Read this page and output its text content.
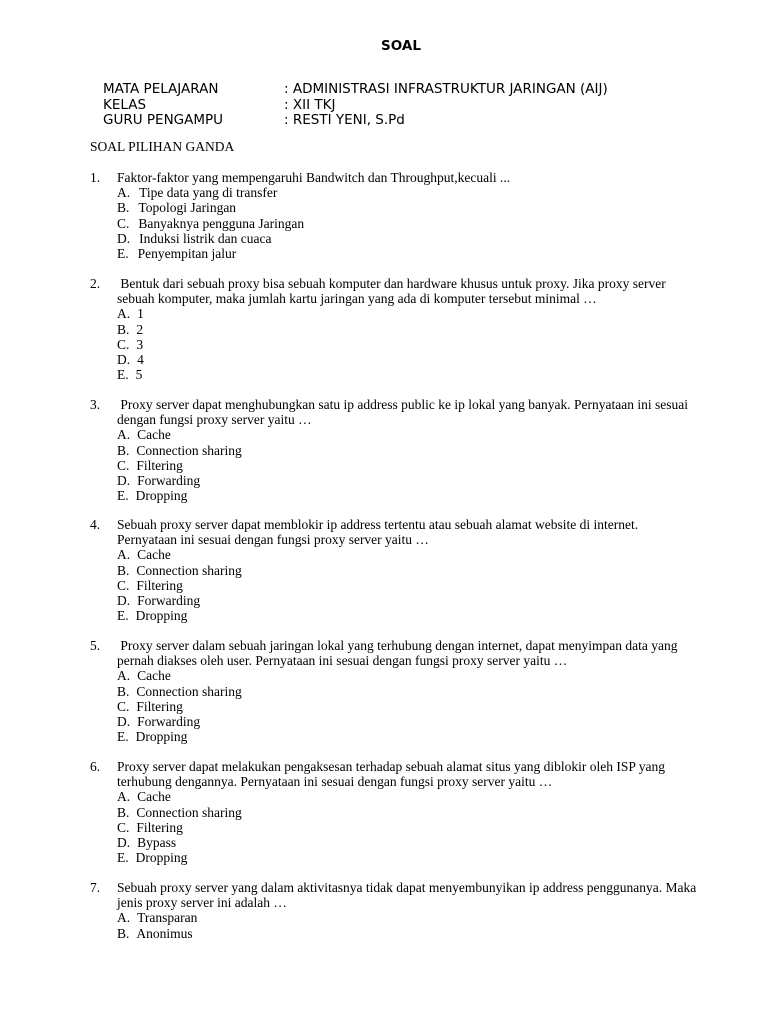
SOAL
MATA PELAJARAN	: ADMINISTRASI INFRASTRUKTUR JARINGAN (AIJ)
KELAS	: XII TKJ
GURU PENGAMPU	: RESTI YENI, S.Pd
SOAL PILIHAN GANDA
1.	Faktor-faktor yang mempengaruhi Bandwitch dan Throughput,kecuali ...
A. Tipe data yang di transfer
B. Topologi Jaringan
C. Banyaknya pengguna Jaringan
D. Induksi listrik dan cuaca
E. Penyempitan jalur
2.	Bentuk dari sebuah proxy bisa sebuah komputer dan hardware khusus untuk proxy. Jika proxy server sebuah komputer, maka jumlah kartu jaringan yang ada di komputer tersebut minimal …
A. 1
B. 2
C. 3
D. 4
E. 5
3.	Proxy server dapat menghubungkan satu ip address public ke ip lokal yang banyak. Pernyataan ini sesuai dengan fungsi proxy server yaitu …
A. Cache
B. Connection sharing
C. Filtering
D. Forwarding
E. Dropping
4.	Sebuah proxy server dapat memblokir ip address tertentu atau sebuah alamat website di internet. Pernyataan ini sesuai dengan fungsi proxy server yaitu …
A. Cache
B. Connection sharing
C. Filtering
D. Forwarding
E. Dropping
5.	Proxy server dalam sebuah jaringan lokal yang terhubung dengan internet, dapat menyimpan data yang pernah diakses oleh user. Pernyataan ini sesuai dengan fungsi proxy server yaitu …
A. Cache
B. Connection sharing
C. Filtering
D. Forwarding
E. Dropping
6.	Proxy server dapat melakukan pengaksesan terhadap sebuah alamat situs yang diblokir oleh ISP yang terhubung dengannya. Pernyataan ini sesuai dengan fungsi proxy server yaitu …
A. Cache
B. Connection sharing
C. Filtering
D. Bypass
E. Dropping
7.	Sebuah proxy server yang dalam aktivitasnya tidak dapat menyembunyikan ip address penggunanya. Maka jenis proxy server ini adalah …
A. Transparan
B. Anonimus
